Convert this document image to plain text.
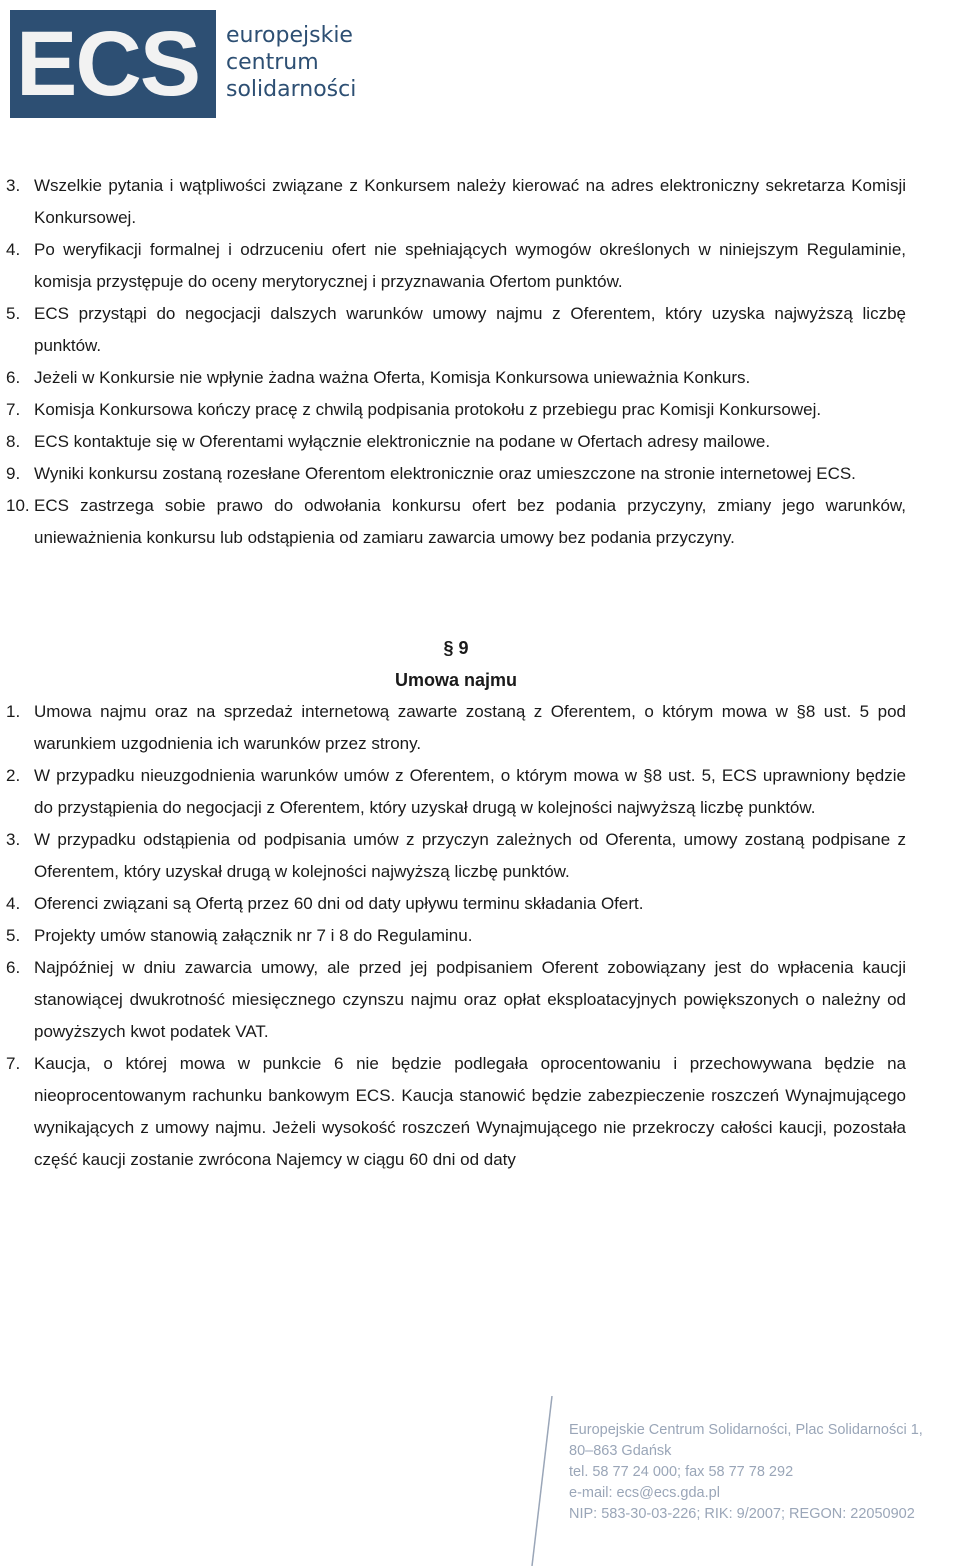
ECS europejskie
centrum
solidarności
3. Wszelkie pytania i wątpliwości związane z Konkursem należy kierować na adres elektroniczny sekretarza Komisji Konkursowej.
4. Po weryfikacji formalnej i odrzuceniu ofert nie spełniających wymogów określonych w niniejszym Regulaminie, komisja przystępuje do oceny merytorycznej i przyznawania Ofertom punktów.
5. ECS przystąpi do negocjacji dalszych warunków umowy najmu z Oferentem, który uzyska najwyższą liczbę punktów.
6. Jeżeli w Konkursie nie wpłynie żadna ważna Oferta, Komisja Konkursowa unieważnia Konkurs.
7. Komisja Konkursowa kończy pracę z chwilą podpisania protokołu z przebiegu prac Komisji Konkursowej.
8. ECS kontaktuje się w Oferentami wyłącznie elektronicznie na podane w Ofertach adresy mailowe.
9. Wyniki konkursu zostaną rozesłane Oferentom elektronicznie oraz umieszczone na stronie internetowej ECS.
10. ECS zastrzega sobie prawo do odwołania konkursu ofert bez podania przyczyny, zmiany jego warunków, unieważnienia konkursu lub odstąpienia od zamiaru zawarcia umowy bez podania przyczyny.
§ 9
Umowa najmu
1. Umowa najmu oraz na sprzedaż internetową zawarte zostaną z Oferentem, o którym mowa w §8 ust. 5 pod warunkiem uzgodnienia ich warunków przez strony.
2. W przypadku nieuzgodnienia warunków umów z Oferentem, o którym mowa w §8 ust. 5, ECS uprawniony będzie do przystąpienia do negocjacji z Oferentem, który uzyskał drugą w kolejności najwyższą liczbę punktów.
3. W przypadku odstąpienia od podpisania umów z przyczyn zależnych od Oferenta, umowy zostaną podpisane z Oferentem, który uzyskał drugą w kolejności najwyższą liczbę punktów.
4. Oferenci związani są Ofertą przez 60 dni od daty upływu terminu składania Ofert.
5. Projekty umów stanowią załącznik nr 7 i 8 do Regulaminu.
6. Najpóźniej w dniu zawarcia umowy, ale przed jej podpisaniem Oferent zobowiązany jest do wpłacenia kaucji stanowiącej dwukrotność miesięcznego czynszu najmu oraz opłat eksploatacyjnych powiększonych o należny od powyższych kwot podatek VAT.
7. Kaucja, o której mowa w punkcie 6 nie będzie podlegała oprocentowaniu i przechowywana będzie na nieoprocentowanym rachunku bankowym ECS. Kaucja stanowić będzie zabezpieczenie roszczeń Wynajmującego wynikających z umowy najmu. Jeżeli wysokość roszczeń Wynajmującego nie przekroczy całości kaucji, pozostała część kaucji zostanie zwrócona Najemcy w ciągu 60 dni od daty
Europejskie Centrum Solidarności, Plac Solidarności 1,
80–863 Gdańsk
tel. 58 77 24 000; fax 58 77 78 292
e-mail: ecs@ecs.gda.pl
NIP: 583-30-03-226; RIK: 9/2007; REGON: 22050902
